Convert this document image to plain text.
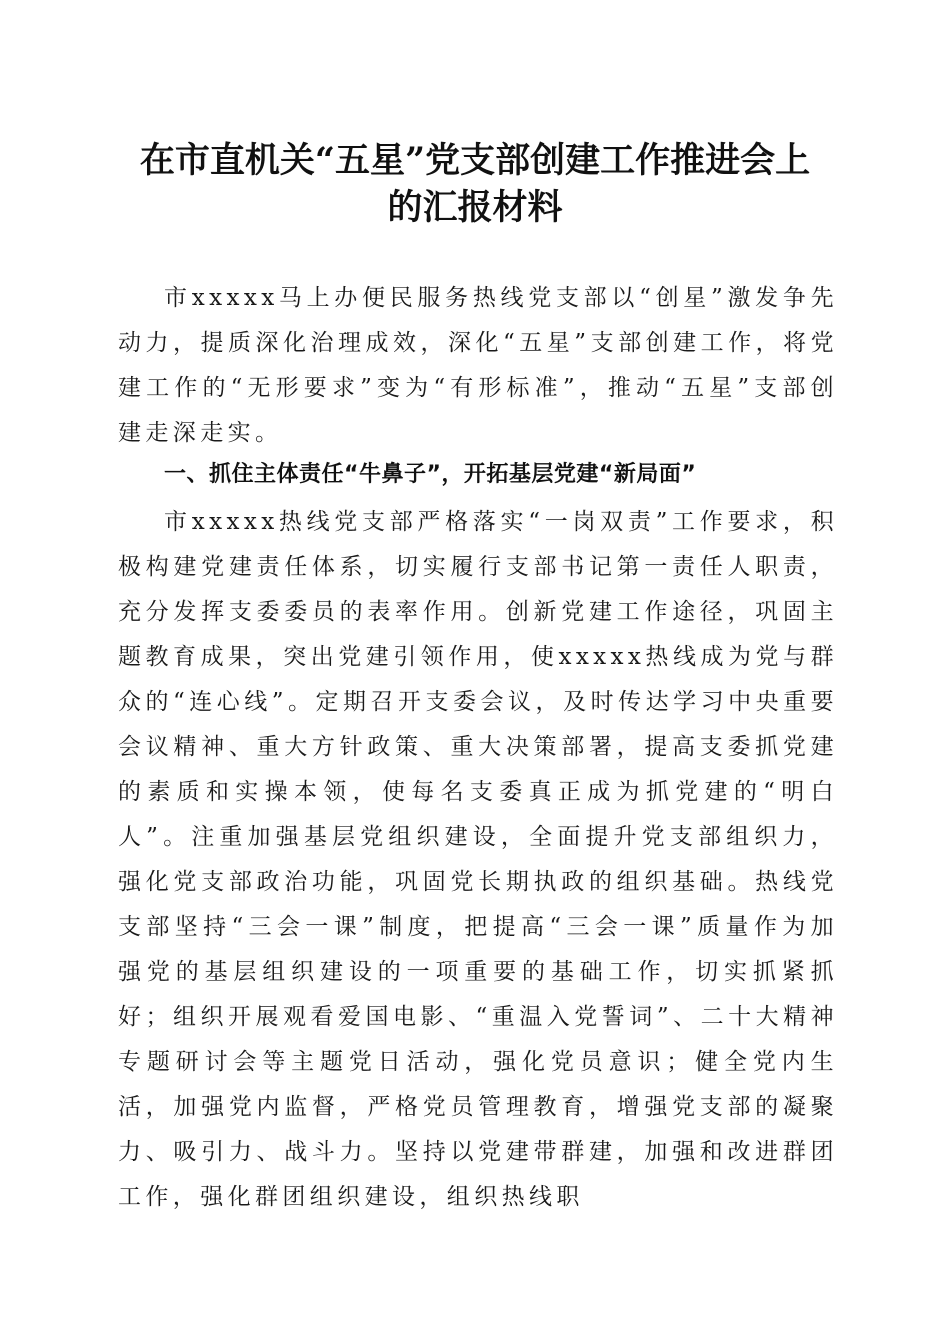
在市直机关“五星”党支部创建工作推进会上
的汇报材料

市xxxxx马上办便民服务热线党支部以“创星”激发争先动力，提质深化治理成效，深化“五星”支部创建工作，将党建工作的“无形要求”变为“有形标准”，推动“五星”支部创建走深走实。

一、抓住主体责任“牛鼻子”，开拓基层党建“新局面”

市xxxxx热线党支部严格落实“一岗双责”工作要求，积极构建党建责任体系，切实履行支部书记第一责任人职责，充分发挥支委委员的表率作用。创新党建工作途径，巩固主题教育成果，突出党建引领作用，使xxxxx热线成为党与群众的“连心线”。定期召开支委会议，及时传达学习中央重要会议精神、重大方针政策、重大决策部署，提高支委抓党建的素质和实操本领，使每名支委真正成为抓党建的“明白人”。注重加强基层党组织建设，全面提升党支部组织力，强化党支部政治功能，巩固党长期执政的组织基础。热线党支部坚持“三会一课”制度，把提高“三会一课”质量作为加强党的基层组织建设的一项重要的基础工作，切实抓紧抓好；组织开展观看爱国电影、“重温入党誓词”、二十大精神专题研讨会等主题党日活动，强化党员意识；健全党内生活，加强党内监督，严格党员管理教育，增强党支部的凝聚力、吸引力、战斗力。坚持以党建带群建，加强和改进群团工作，强化群团组织建设，组织热线职
